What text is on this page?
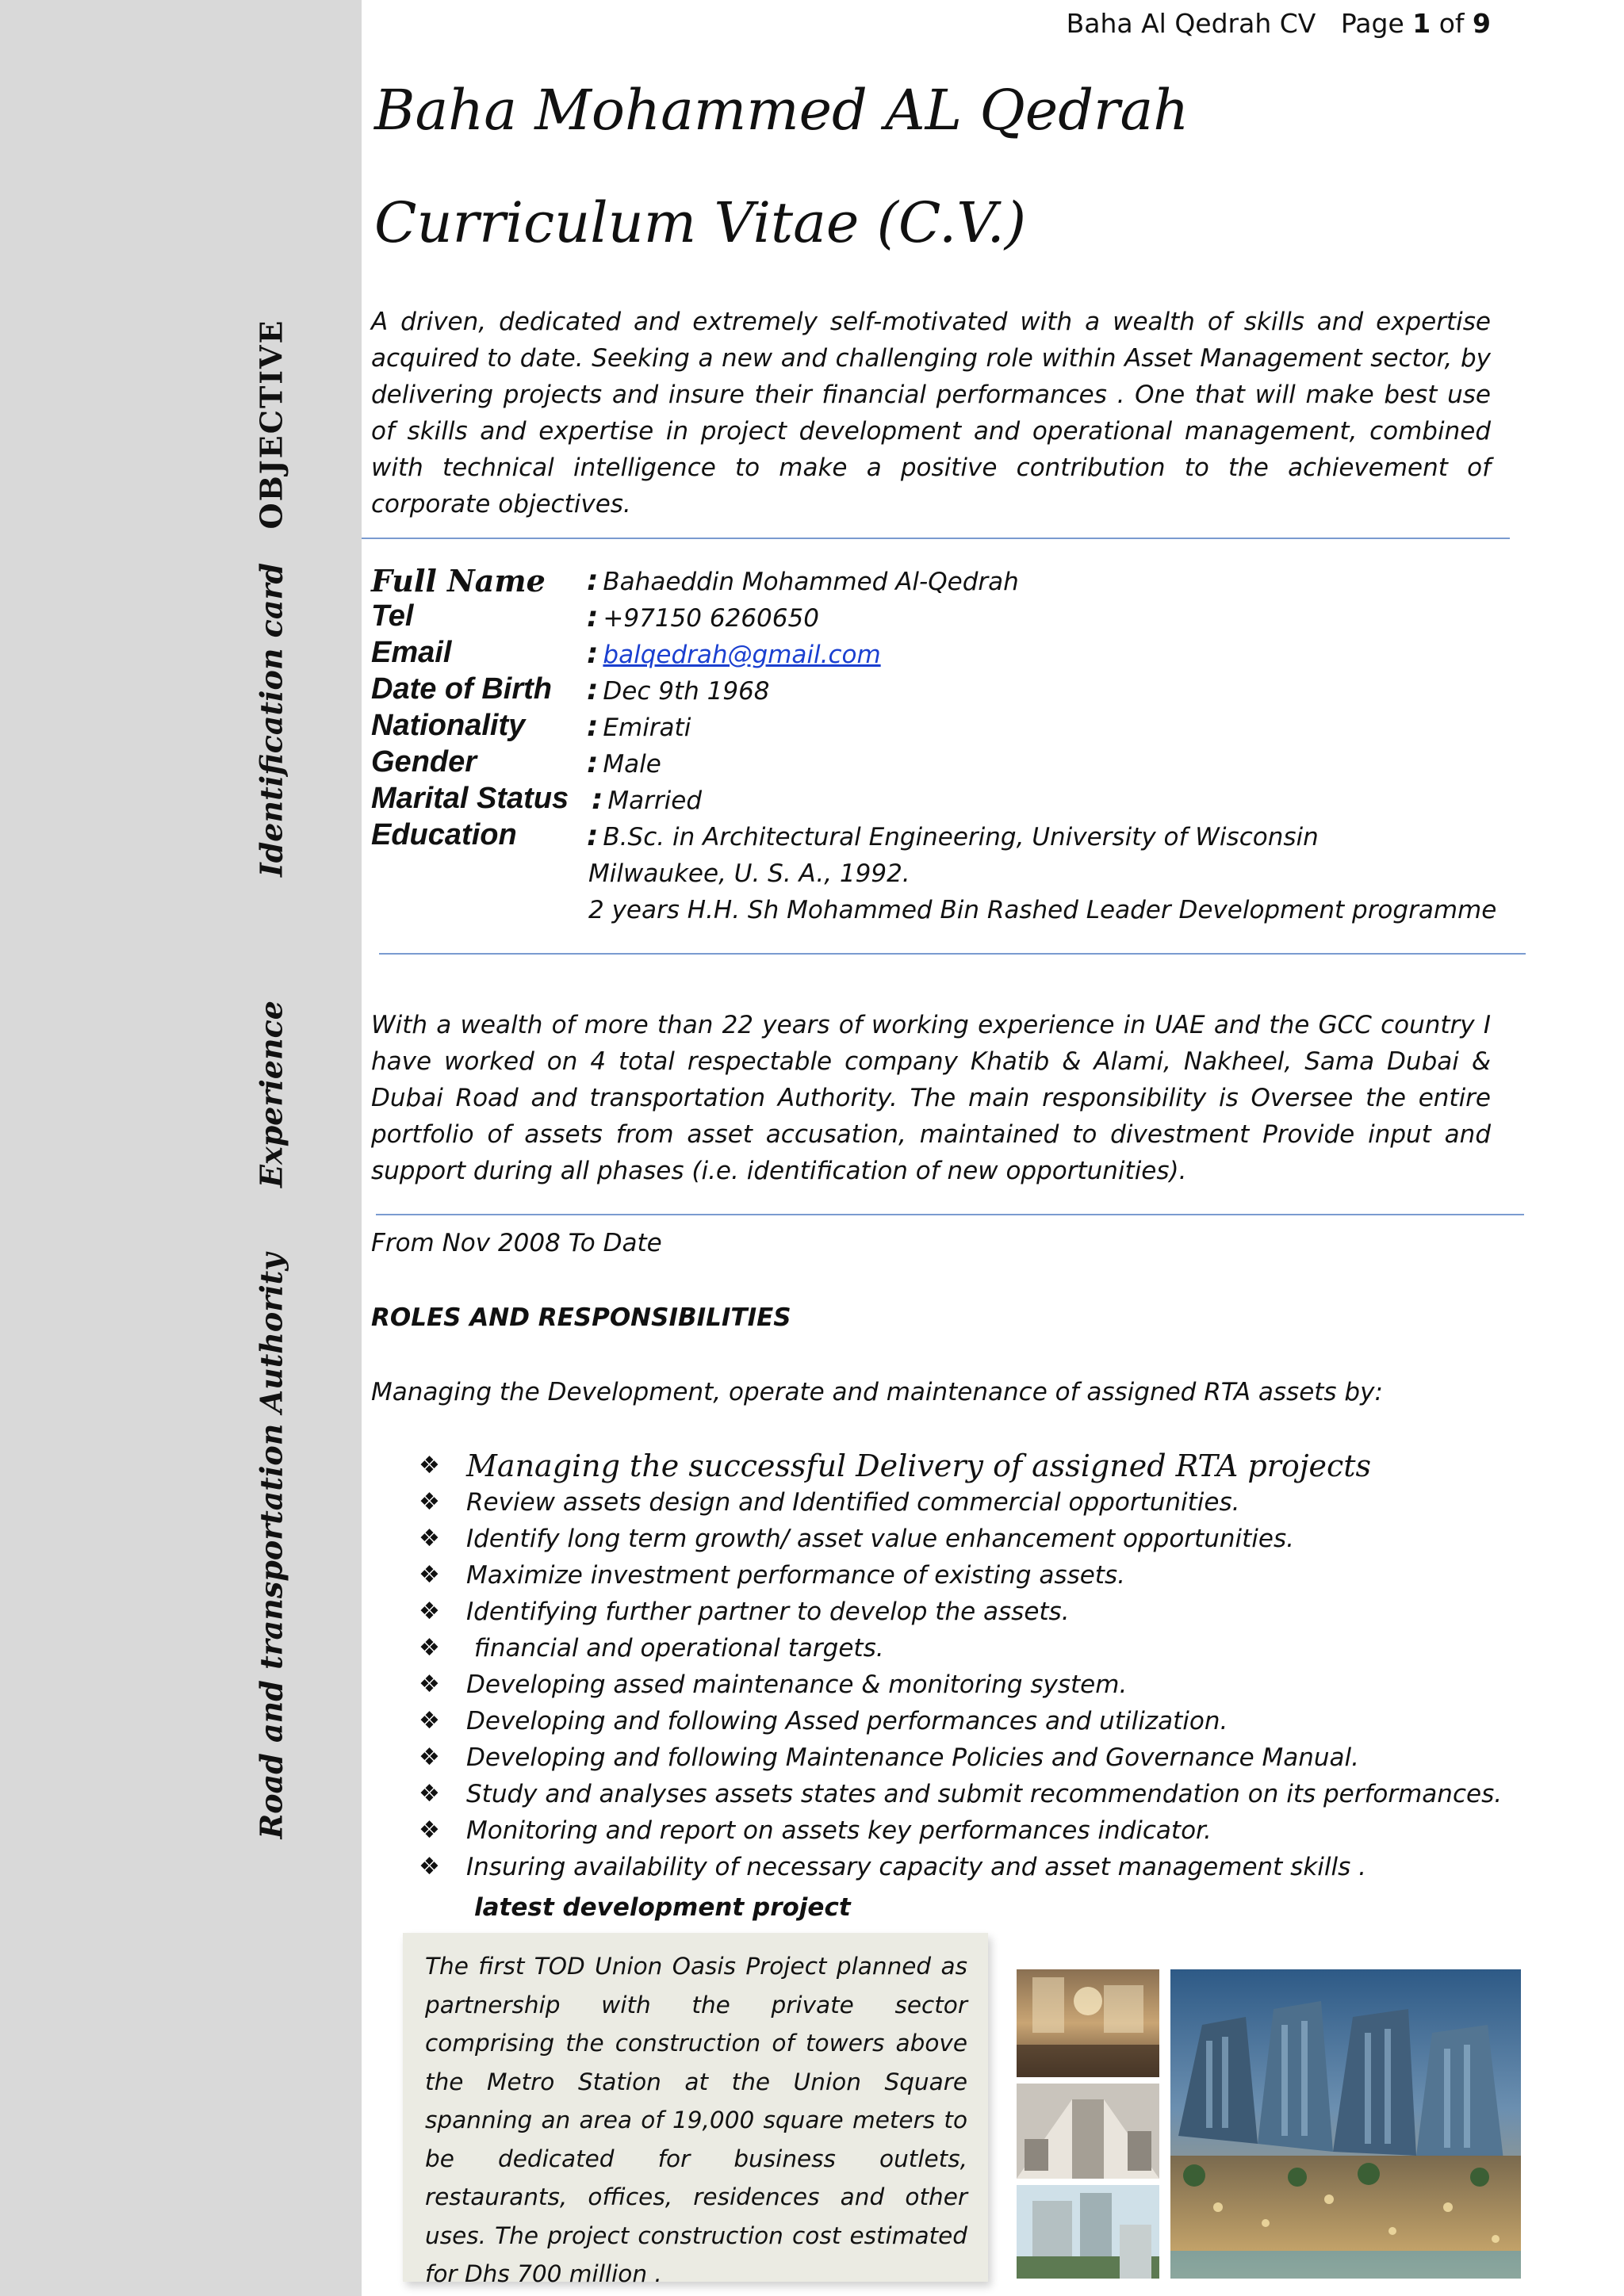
OBJECTIVE
Identification card
Experience
Road and transportation Authority
Baha Al Qedrah CV Page 1 of 9
Baha Mohammed AL Qedrah
Curriculum Vitae (C.V.)
A driven, dedicated and extremely self-motivated with a wealth of skills and expertise acquired to date. Seeking a new and challenging role within Asset Management sector, by delivering projects and insure their financial performances . One that will make best use of skills and expertise in project development and operational management, combined with technical intelligence to make a positive contribution to the achievement of corporate objectives.
Full Name : Bahaeddin Mohammed Al-Qedrah
Tel	: +97150 6260650
Email	: balqedrah@gmail.com
Date of Birth : Dec 9th 1968
Nationality : Emirati
Gender	: Male
Marital Status : Married
Education : B.Sc. in Architectural Engineering, University of Wisconsin
Milwaukee, U. S. A., 1992.
2 years H.H. Sh Mohammed Bin Rashed Leader Development programme
With a wealth of more than 22 years of working experience in UAE and the GCC country I have worked on 4 total respectable company Khatib & Alami, Nakheel, Sama Dubai & Dubai Road and transportation Authority. The main responsibility is Oversee the entire portfolio of assets from asset accusation, maintained to divestment Provide input and support during all phases (i.e. identification of new opportunities).
From Nov 2008 To Date
ROLES AND RESPONSIBILITIES
Managing the Development, operate and maintenance of assigned RTA assets by:
❖ Managing the successful Delivery of assigned RTA projects
❖ Review assets design and Identified commercial opportunities.
❖ Identify long term growth/ asset value enhancement opportunities.
❖ Maximize investment performance of existing assets.
❖ Identifying further partner to develop the assets.
❖ financial and operational targets.
❖ Developing assed maintenance & monitoring system.
❖ Developing and following Assed performances and utilization.
❖ Developing and following Maintenance Policies and Governance Manual.
❖ Study and analyses assets states and submit recommendation on its performances.
❖ Monitoring and report on assets key performances indicator.
❖ Insuring availability of necessary capacity and asset management skills .
latest development project
The first TOD Union Oasis Project planned as partnership with the private sector comprising the construction of towers above the Metro Station at the Union Square spanning an area of 19,000 square meters to be dedicated for business outlets, restaurants, offices, residences and other uses. The project construction cost estimated for Dhs 700 million .
